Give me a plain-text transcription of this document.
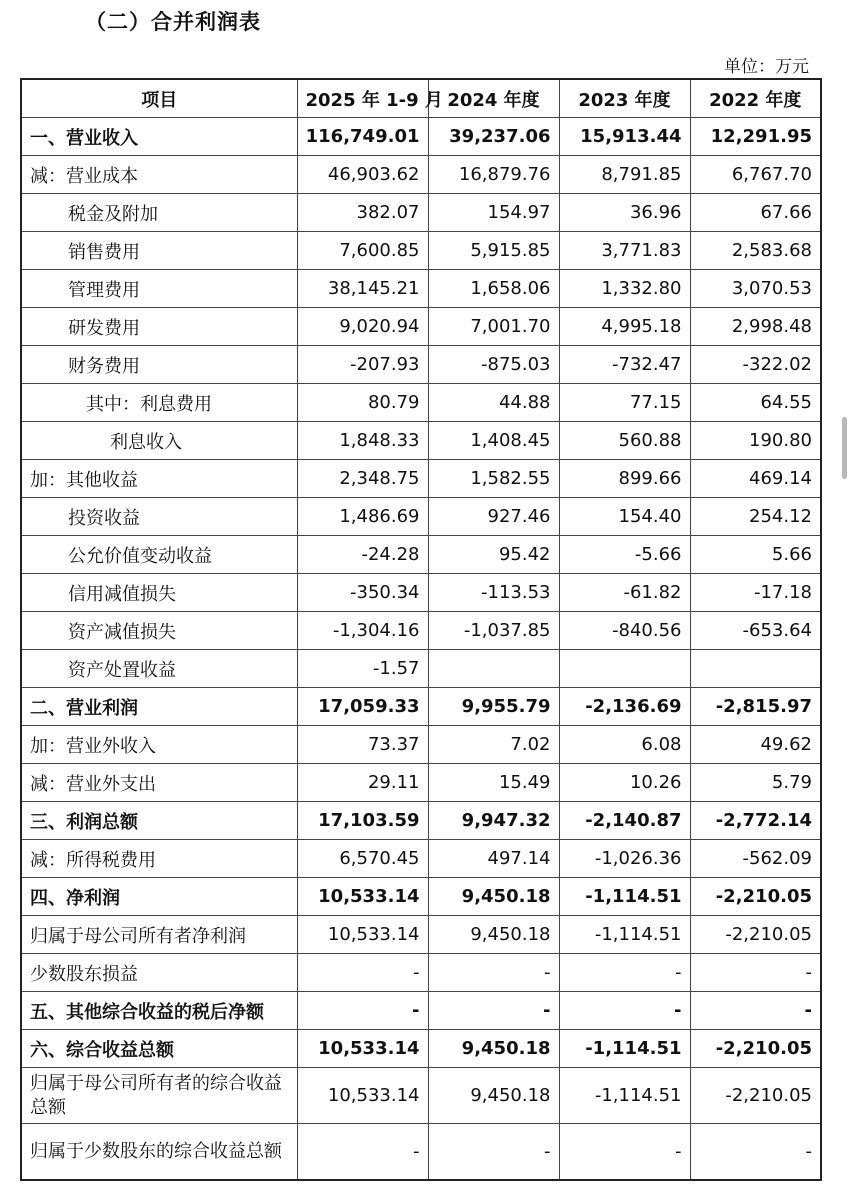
（二）合并利润表
单位：万元
项目	2025 年 1-9 月	2024 年度	2023 年度	2022 年度
一、营业收入	116,749.01	39,237.06	15,913.44	12,291.95
减：营业成本	46,903.62	16,879.76	8,791.85	6,767.70
税金及附加	382.07	154.97	36.96	67.66
销售费用	7,600.85	5,915.85	3,771.83	2,583.68
管理费用	38,145.21	1,658.06	1,332.80	3,070.53
研发费用	9,020.94	7,001.70	4,995.18	2,998.48
财务费用	-207.93	-875.03	-732.47	-322.02
其中：利息费用	80.79	44.88	77.15	64.55
利息收入	1,848.33	1,408.45	560.88	190.80
加：其他收益	2,348.75	1,582.55	899.66	469.14
投资收益	1,486.69	927.46	154.40	254.12
公允价值变动收益	-24.28	95.42	-5.66	5.66
信用减值损失	-350.34	-113.53	-61.82	-17.18
资产减值损失	-1,304.16	-1,037.85	-840.56	-653.64
资产处置收益	-1.57			
二、营业利润	17,059.33	9,955.79	-2,136.69	-2,815.97
加：营业外收入	73.37	7.02	6.08	49.62
减：营业外支出	29.11	15.49	10.26	5.79
三、利润总额	17,103.59	9,947.32	-2,140.87	-2,772.14
减：所得税费用	6,570.45	497.14	-1,026.36	-562.09
四、净利润	10,533.14	9,450.18	-1,114.51	-2,210.05
归属于母公司所有者净利润	10,533.14	9,450.18	-1,114.51	-2,210.05
少数股东损益	-	-	-	-
五、其他综合收益的税后净额	-	-	-	-
六、综合收益总额	10,533.14	9,450.18	-1,114.51	-2,210.05
归属于母公司所有者的综合收益总额	10,533.14	9,450.18	-1,114.51	-2,210.05
归属于少数股东的综合收益总额	-	-	-	-
